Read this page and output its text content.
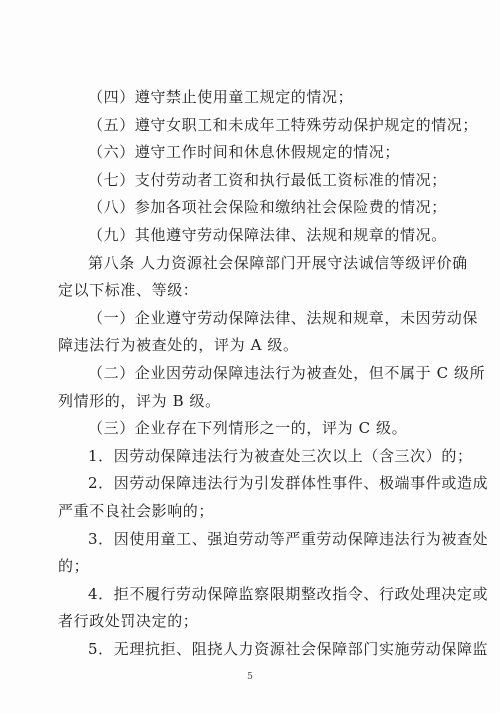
（四）遵守禁止使用童工规定的情况；
（五）遵守女职工和未成年工特殊劳动保护规定的情况；
（六）遵守工作时间和休息休假规定的情况；
（七）支付劳动者工资和执行最低工资标准的情况；
（八）参加各项社会保险和缴纳社会保险费的情况；
（九）其他遵守劳动保障法律、法规和规章的情况。
第八条 人力资源社会保障部门开展守法诚信等级评价确
定以下标准、等级：
（一）企业遵守劳动保障法律、法规和规章，未因劳动保
障违法行为被查处的，评为 A 级。
（二）企业因劳动保障违法行为被查处，但不属于 C 级所
列情形的，评为 B 级。
（三）企业存在下列情形之一的，评为 C 级。
1．因劳动保障违法行为被查处三次以上（含三次）的；
2．因劳动保障违法行为引发群体性事件、极端事件或造成
严重不良社会影响的；
3．因使用童工、强迫劳动等严重劳动保障违法行为被查处
的；
4．拒不履行劳动保障监察限期整改指令、行政处理决定或
者行政处罚决定的；
5．无理抗拒、阻挠人力资源社会保障部门实施劳动保障监
5
